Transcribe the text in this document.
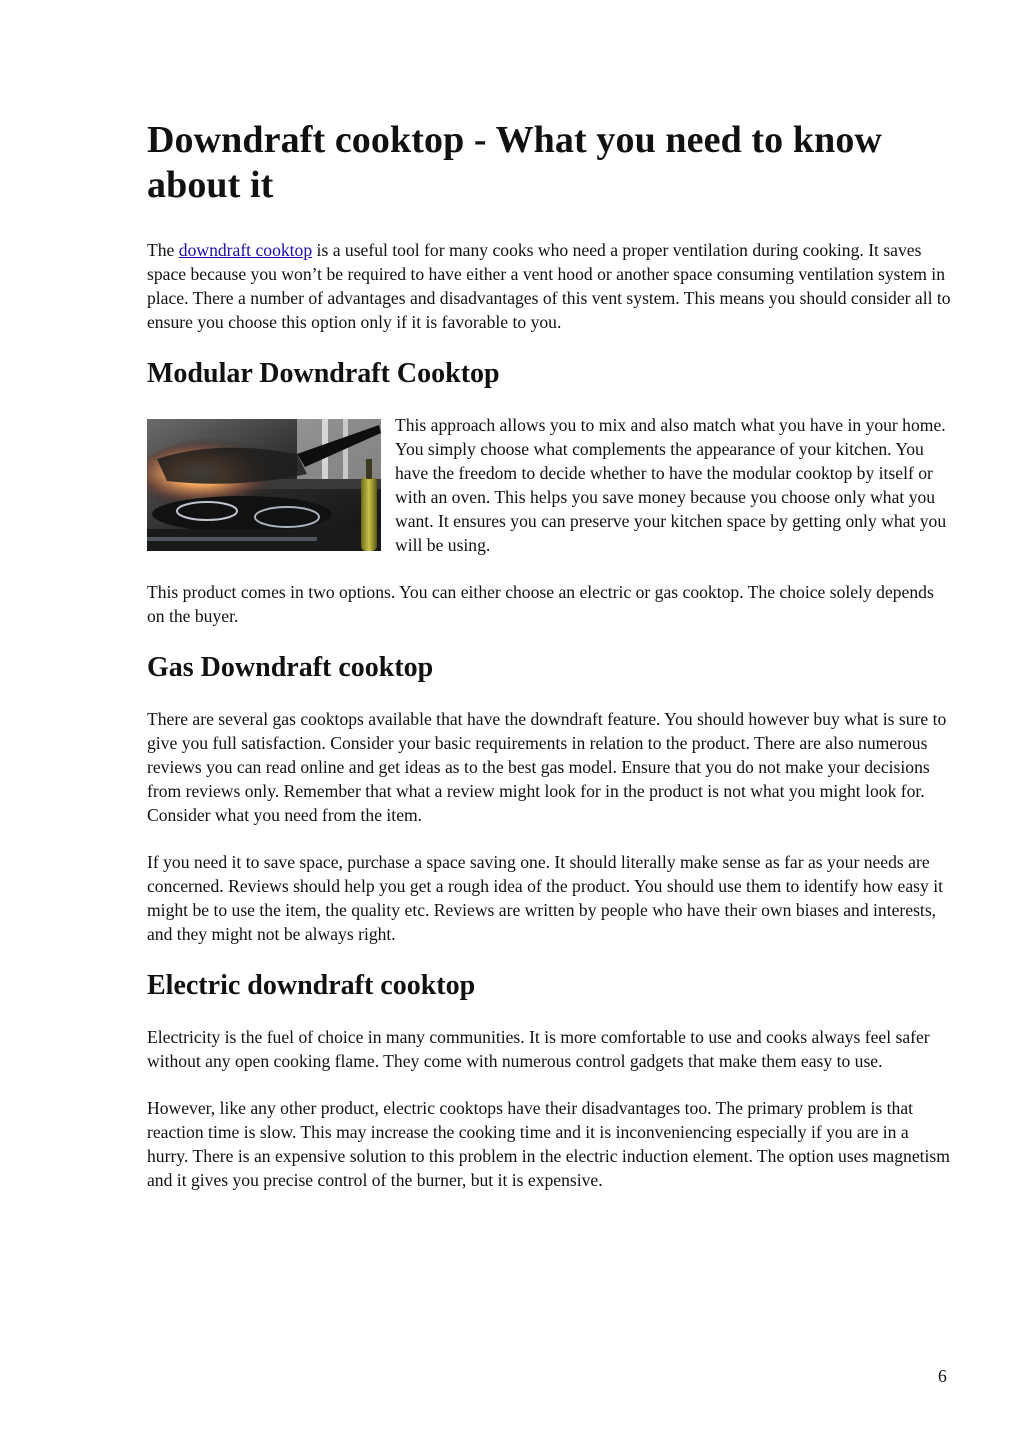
Downdraft cooktop - What you need to know about it

The downdraft cooktop is a useful tool for many cooks who need a proper ventilation during cooking. It saves space because you won’t be required to have either a vent hood or another space consuming ventilation system in place. There a number of advantages and disadvantages of this vent system. This means you should consider all to ensure you choose this option only if it is favorable to you.

Modular Downdraft Cooktop

This approach allows you to mix and also match what you have in your home. You simply choose what complements the appearance of your kitchen. You have the freedom to decide whether to have the modular cooktop by itself or with an oven. This helps you save money because you choose only what you want. It ensures you can preserve your kitchen space by getting only what you will be using.

This product comes in two options. You can either choose an electric or gas cooktop. The choice solely depends on the buyer.

Gas Downdraft cooktop

There are several gas cooktops available that have the downdraft feature. You should however buy what is sure to give you full satisfaction. Consider your basic requirements in relation to the product. There are also numerous reviews you can read online and get ideas as to the best gas model. Ensure that you do not make your decisions from reviews only. Remember that what a review might look for in the product is not what you might look for. Consider what you need from the item.

If you need it to save space, purchase a space saving one. It should literally make sense as far as your needs are concerned. Reviews should help you get a rough idea of the product. You should use them to identify how easy it might be to use the item, the quality etc. Reviews are written by people who have their own biases and interests, and they might not be always right.

Electric downdraft cooktop

Electricity is the fuel of choice in many communities. It is more comfortable to use and cooks always feel safer without any open cooking flame. They come with numerous control gadgets that make them easy to use.

However, like any other product, electric cooktops have their disadvantages too. The primary problem is that reaction time is slow. This may increase the cooking time and it is inconveniencing especially if you are in a hurry. There is an expensive solution to this problem in the electric induction element. The option uses magnetism and it gives you precise control of the burner, but it is expensive.

6
